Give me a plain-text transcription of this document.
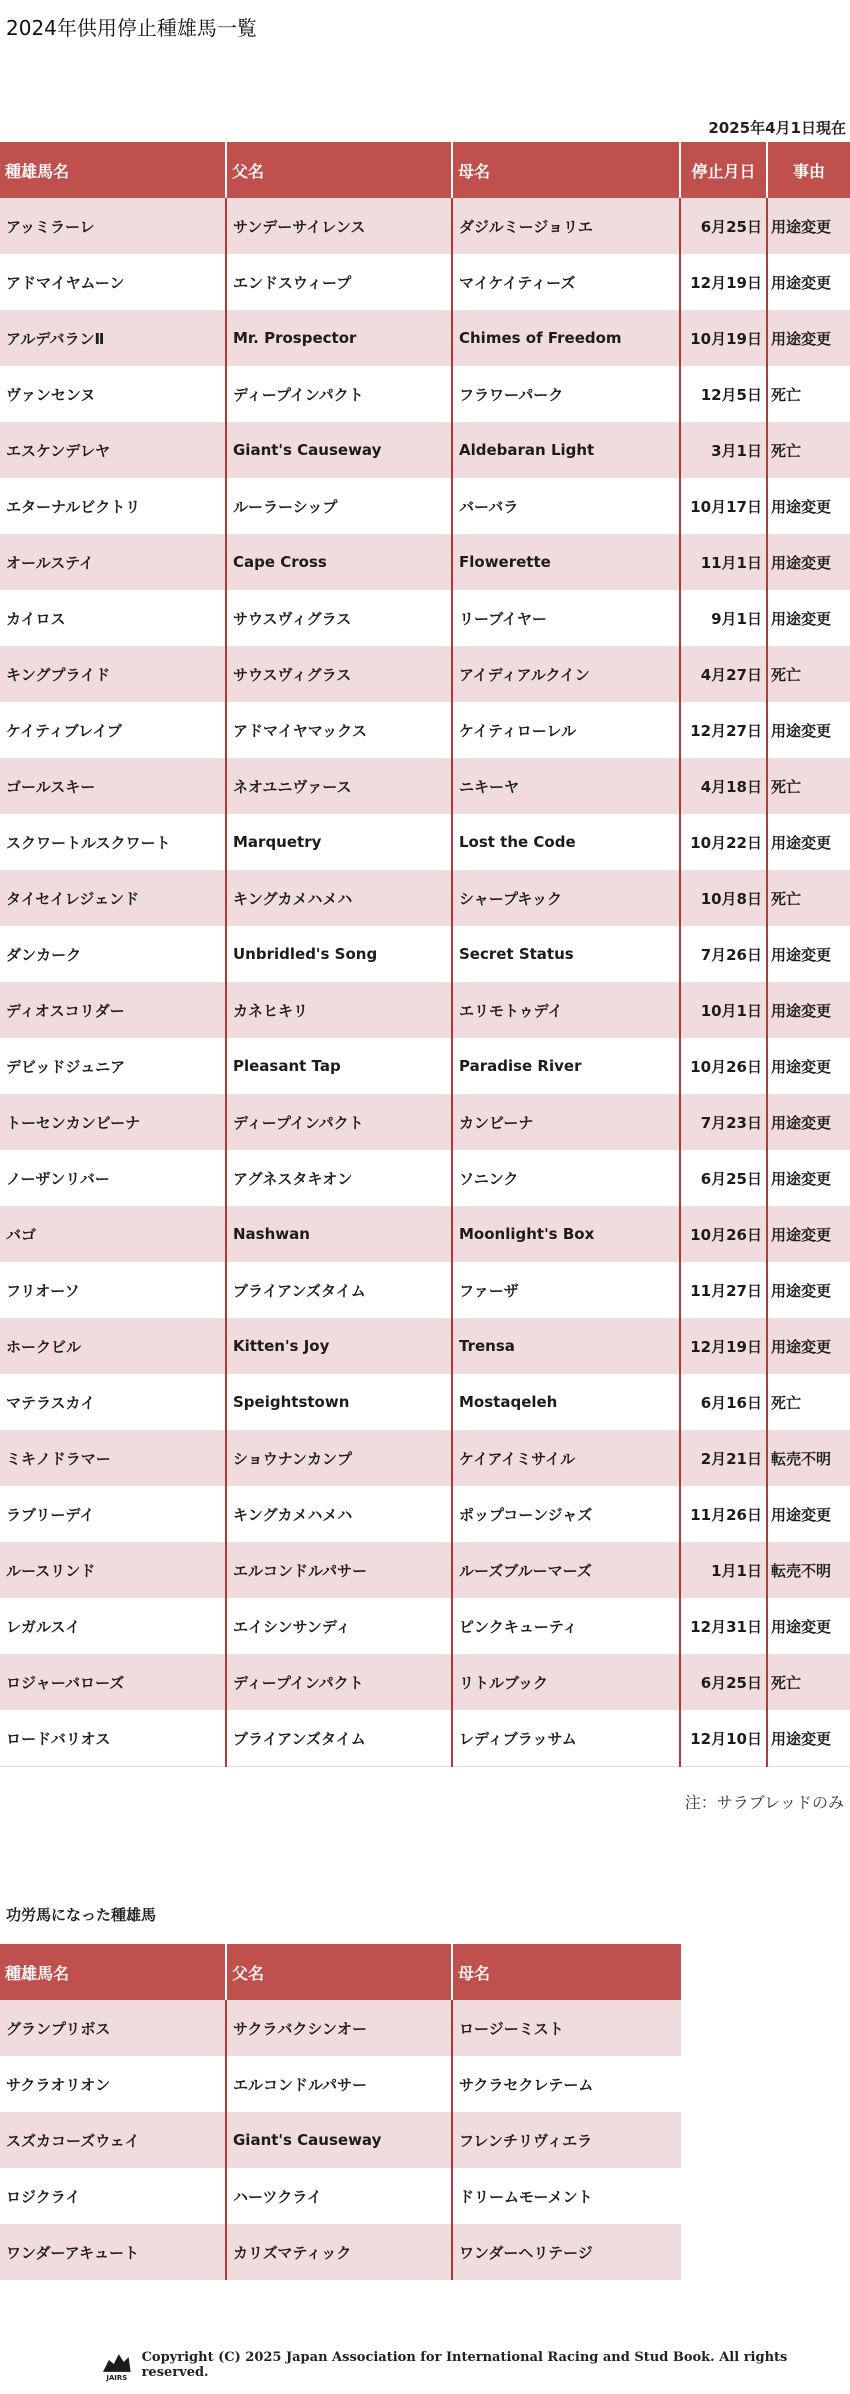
2024年供用停止種雄馬一覧
2025年4月1日現在
種雄馬名	父名	母名	停止月日	事由
アッミラーレ	サンデーサイレンス	ダジルミージョリエ	6月25日	用途変更
アドマイヤムーン	エンドスウィープ	マイケイティーズ	12月19日	用途変更
アルデバランⅡ	Mr. Prospector	Chimes of Freedom	10月19日	用途変更
ヴァンセンヌ	ディープインパクト	フラワーパーク	12月5日	死亡
エスケンデレヤ	Giant's Causeway	Aldebaran Light	3月1日	死亡
エターナルビクトリ	ルーラーシップ	バーバラ	10月17日	用途変更
オールステイ	Cape Cross	Flowerette	11月1日	用途変更
カイロス	サウスヴィグラス	リーブイヤー	9月1日	用途変更
キングプライド	サウスヴィグラス	アイディアルクイン	4月27日	死亡
ケイティブレイブ	アドマイヤマックス	ケイティローレル	12月27日	用途変更
ゴールスキー	ネオユニヴァース	ニキーヤ	4月18日	死亡
スクワートルスクワート	Marquetry	Lost the Code	10月22日	用途変更
タイセイレジェンド	キングカメハメハ	シャープキック	10月8日	死亡
ダンカーク	Unbridled's Song	Secret Status	7月26日	用途変更
ディオスコリダー	カネヒキリ	エリモトゥデイ	10月1日	用途変更
デビッドジュニア	Pleasant Tap	Paradise River	10月26日	用途変更
トーセンカンビーナ	ディープインパクト	カンビーナ	7月23日	用途変更
ノーザンリバー	アグネスタキオン	ソニンク	6月25日	用途変更
バゴ	Nashwan	Moonlight's Box	10月26日	用途変更
フリオーソ	ブライアンズタイム	ファーザ	11月27日	用途変更
ホークビル	Kitten's Joy	Trensa	12月19日	用途変更
マテラスカイ	Speightstown	Mostaqeleh	6月16日	死亡
ミキノドラマー	ショウナンカンプ	ケイアイミサイル	2月21日	転売不明
ラブリーデイ	キングカメハメハ	ポップコーンジャズ	11月26日	用途変更
ルースリンド	エルコンドルパサー	ルーズブルーマーズ	1月1日	転売不明
レガルスイ	エイシンサンディ	ピンクキューティ	12月31日	用途変更
ロジャーバローズ	ディープインパクト	リトルブック	6月25日	死亡
ロードバリオス	ブライアンズタイム	レディブラッサム	12月10日	用途変更
注：サラブレッドのみ
功労馬になった種雄馬
種雄馬名	父名	母名
グランプリボス	サクラバクシンオー	ロージーミスト
サクラオリオン	エルコンドルパサー	サクラセクレテーム
スズカコーズウェイ	Giant's Causeway	フレンチリヴィエラ
ロジクライ	ハーツクライ	ドリームモーメント
ワンダーアキュート	カリズマティック	ワンダーヘリテージ
JAIRS
Copyright (C) 2025 Japan Association for International Racing and Stud Book. All rights reserved.
